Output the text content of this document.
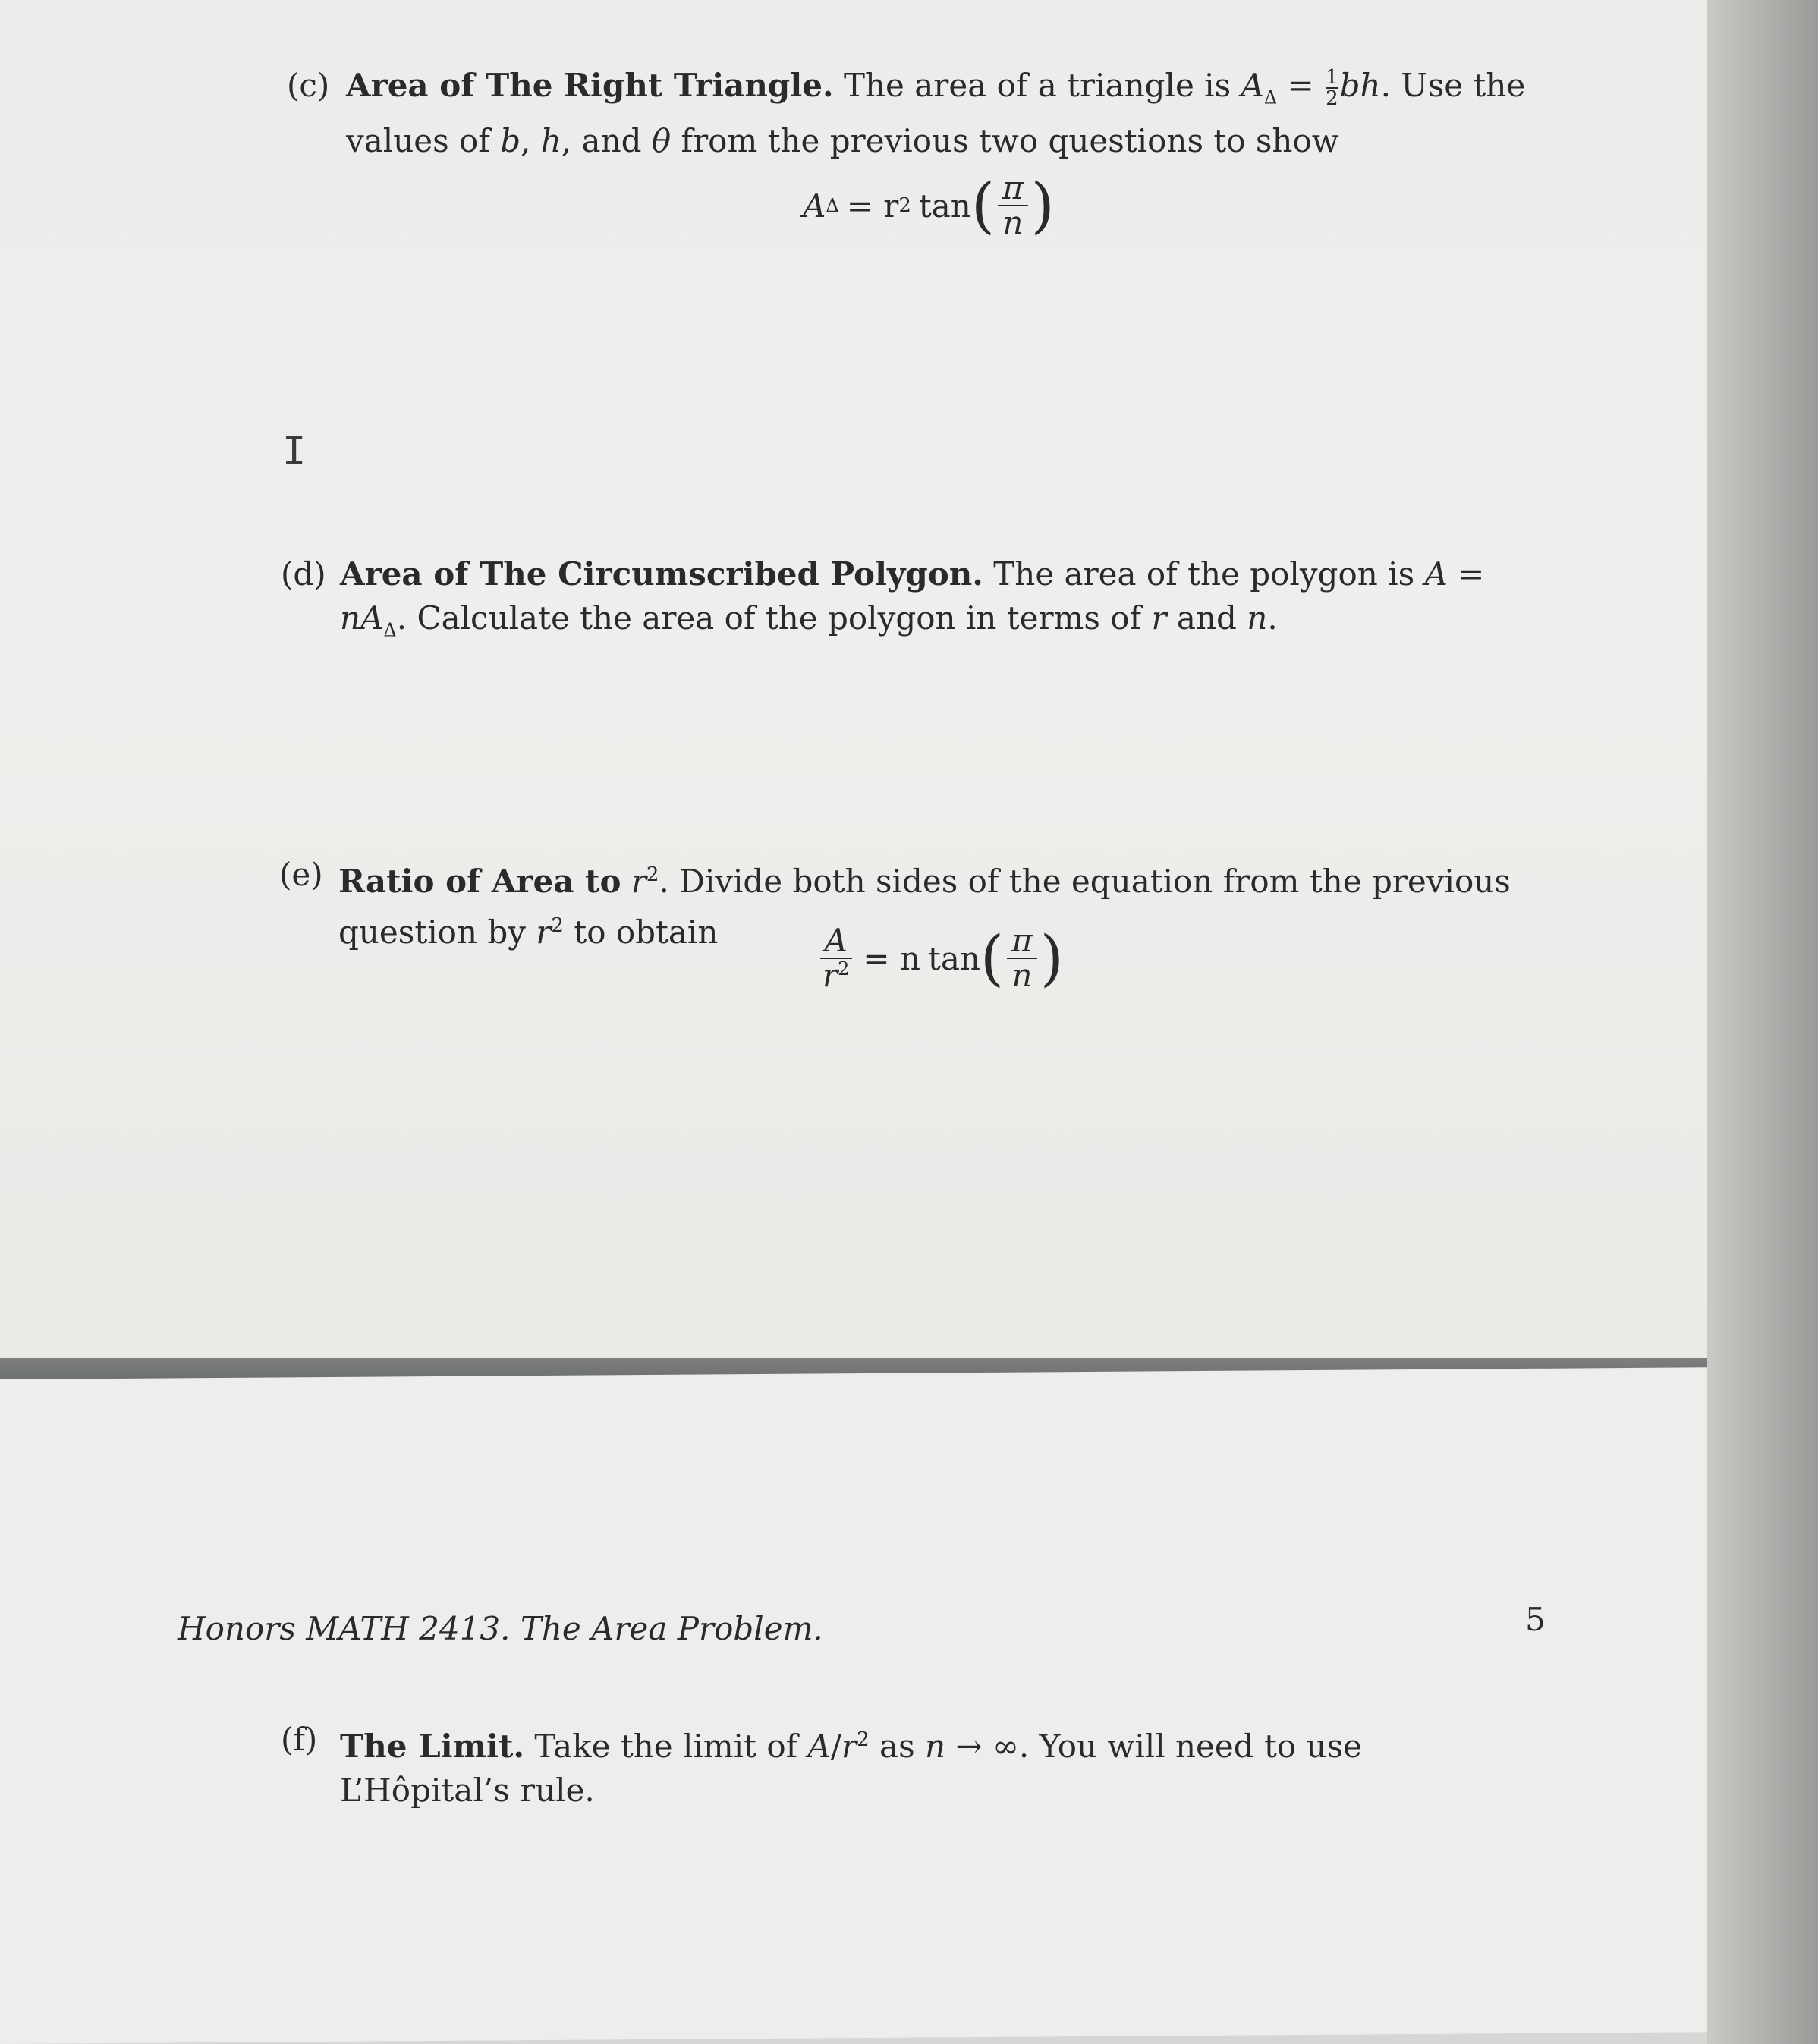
(c) Area of The Right Triangle. The area of a triangle is $A_\Delta = \frac{1}{2}$ bh. Use the values of b, h, and θ from the previous two questions to show
A Δ = r 2 tan ( $\frac{\pi}{n}$ )
I
(d) Area of The Circumscribed Polygon. The area of the polygon is $A = nA_\Delta$. Calculate the area of the polygon in terms of r and n.
(e) Ratio of Area to $r^2$. Divide both sides of the equation from the previous question by $r^2$ to obtain	$\frac{A}{r^2} = n$ tan ( $\frac{\pi}{n}$ )
Honors MATH 2413. The Area Problem.	5
(f) The Limit. Take the limit of $A/r^2$ as n → ∞. You will need to use L’Hôpital’s rule.
